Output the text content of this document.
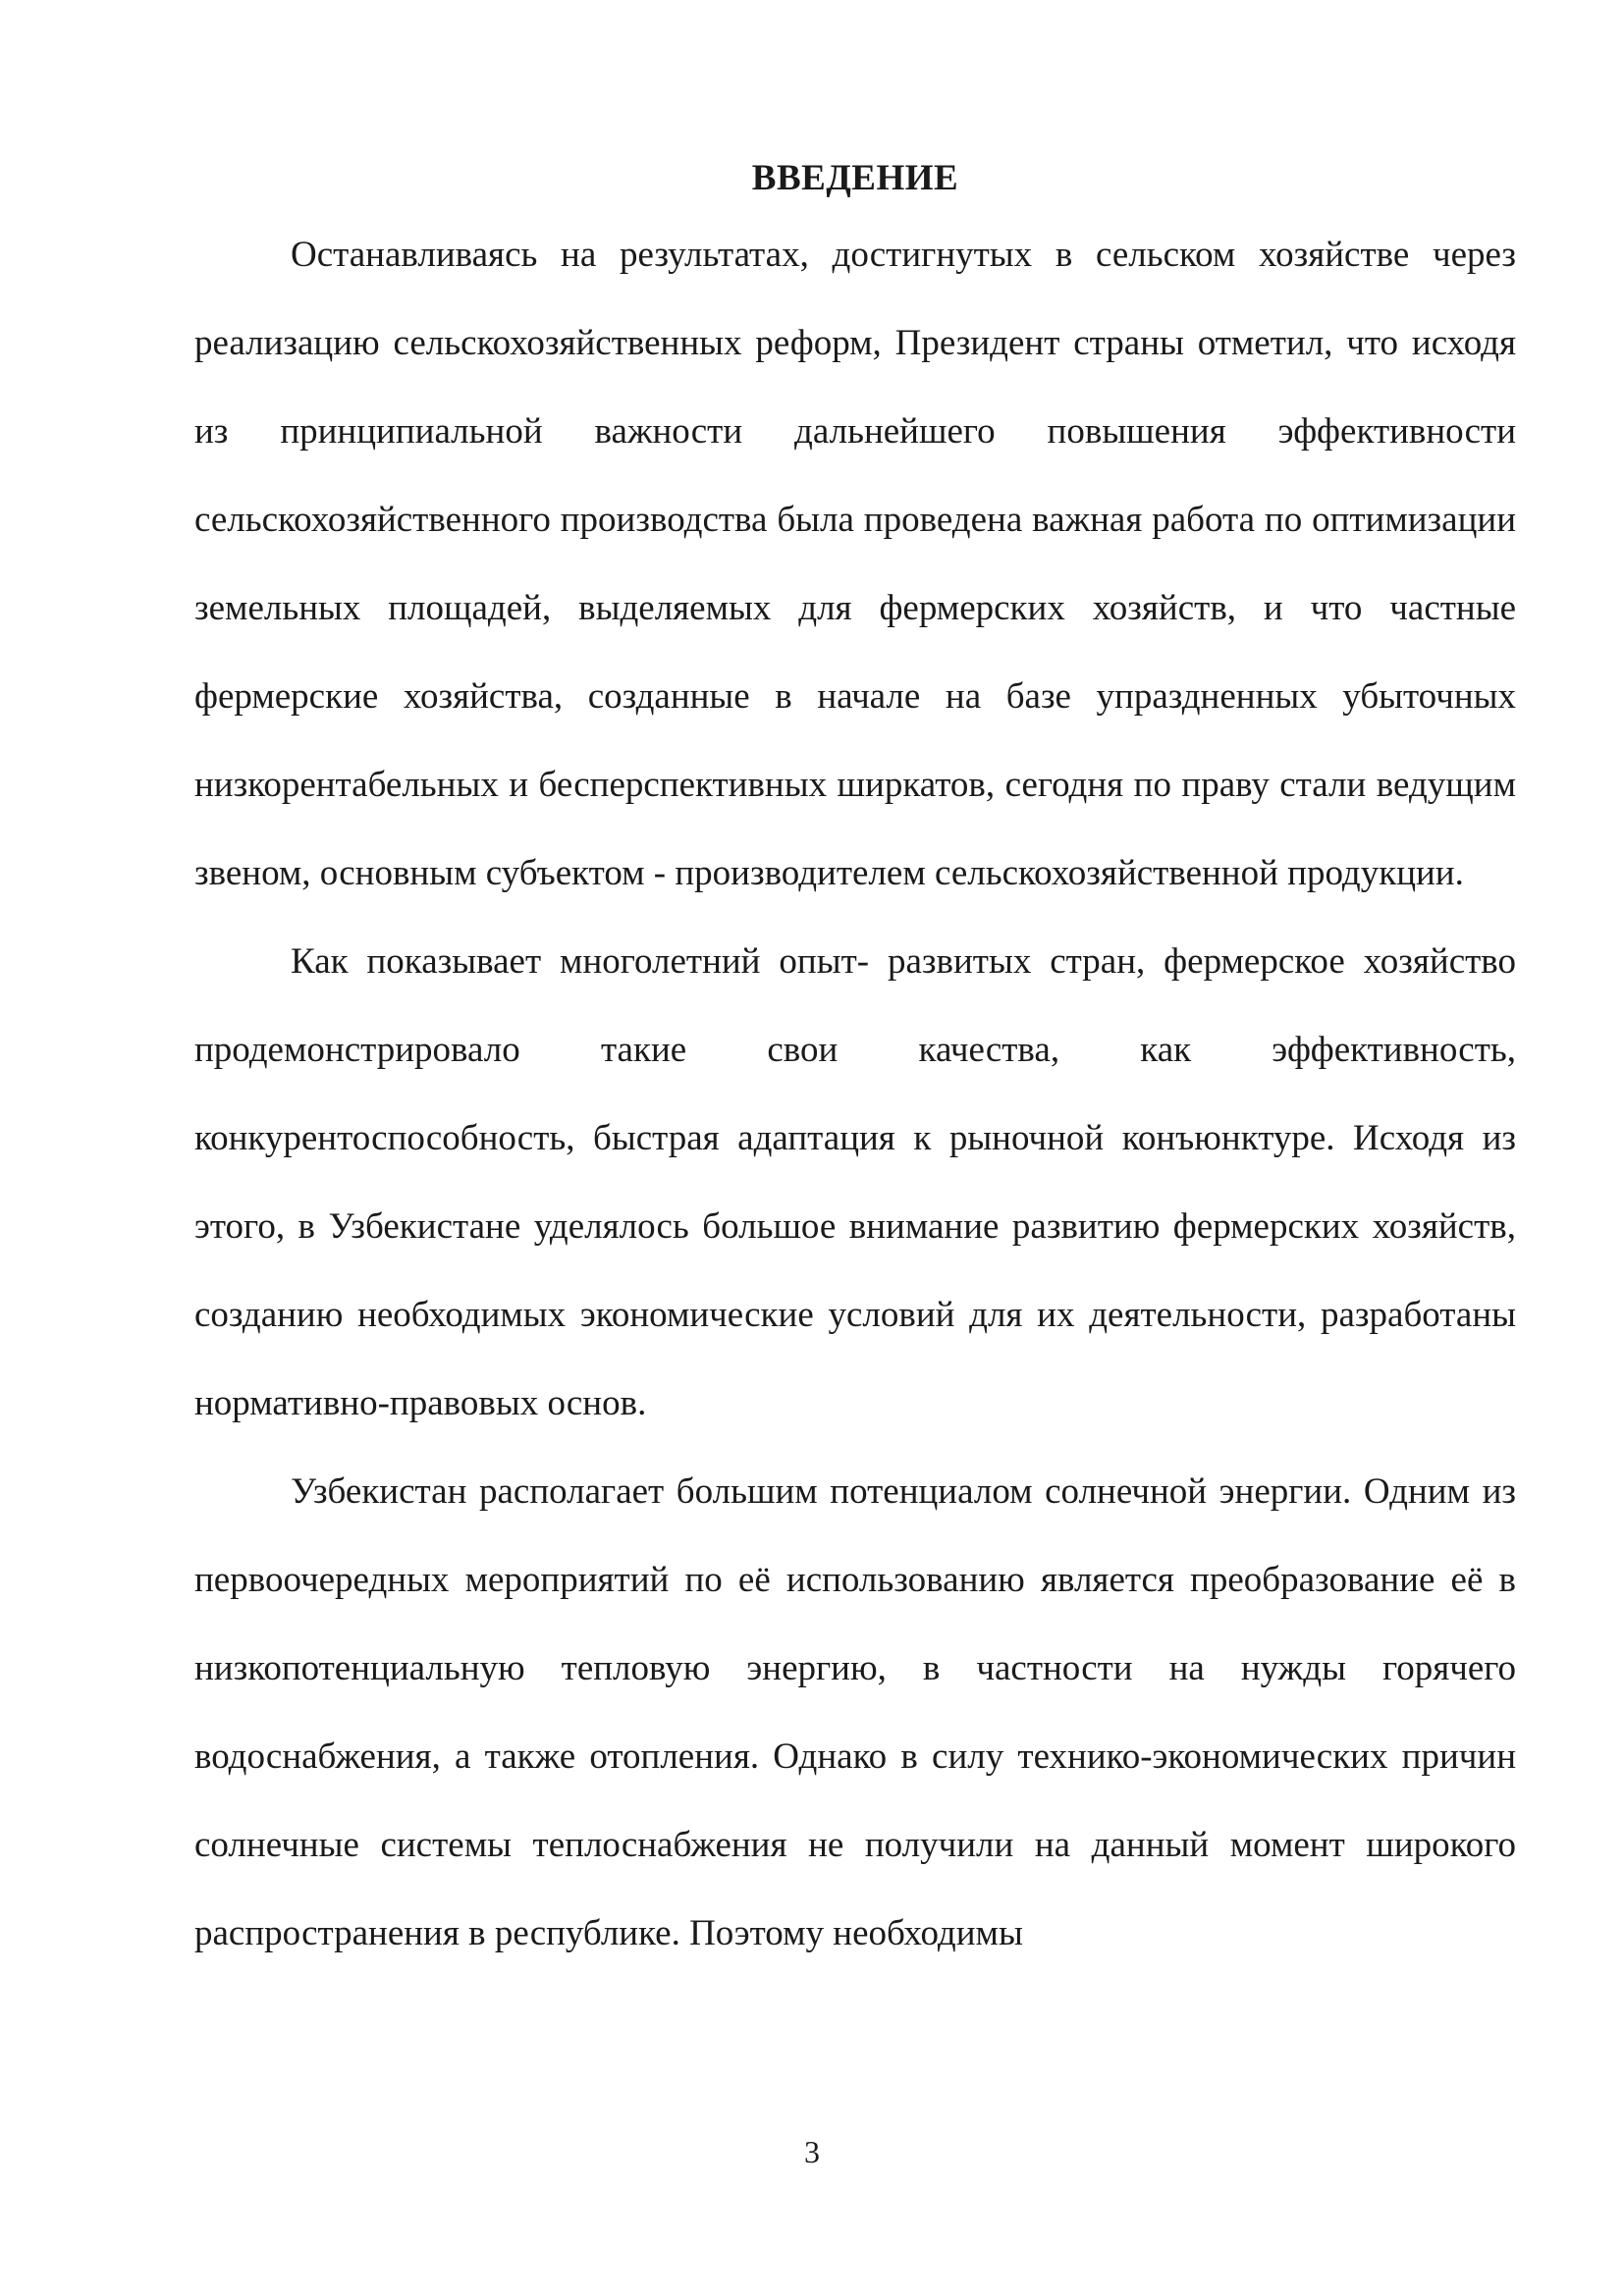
ВВЕДЕНИЕ

Останавливаясь на результатах, достигнутых в сельском хозяйстве через реализацию сельскохозяйственных реформ, Президент страны отметил, что исходя из принципиальной важности дальнейшего повышения эффективности сельскохозяйственного производства была проведена важная работа по оптимизации земельных площадей, выделяемых для фермерских хозяйств, и что частные фермерские хозяйства, созданные в начале на базе упраздненных убыточных низкорентабельных и бесперспективных ширкатов, сегодня по праву стали ведущим звеном, основным субъектом - производителем сельскохозяйственной продукции.

Как показывает многолетний опыт- развитых стран, фермерское хозяйство продемонстрировало такие свои качества, как эффективность, конкурентоспособность, быстрая адаптация к рыночной конъюнктуре. Исходя из этого, в Узбекистане уделялось большое внимание развитию фермерских хозяйств, созданию необходимых экономические условий для их деятельности, разработаны нормативно-правовых основ.

Узбекистан располагает большим потенциалом солнечной энергии. Одним из первоочередных мероприятий по её использованию является преобразование её в низкопотенциальную тепловую энергию, в частности на нужды горячего водоснабжения, а также отопления. Однако в силу технико-экономических причин солнечные системы теплоснабжения не получили на данный момент широкого распространения в республике. Поэтому необходимы

3
